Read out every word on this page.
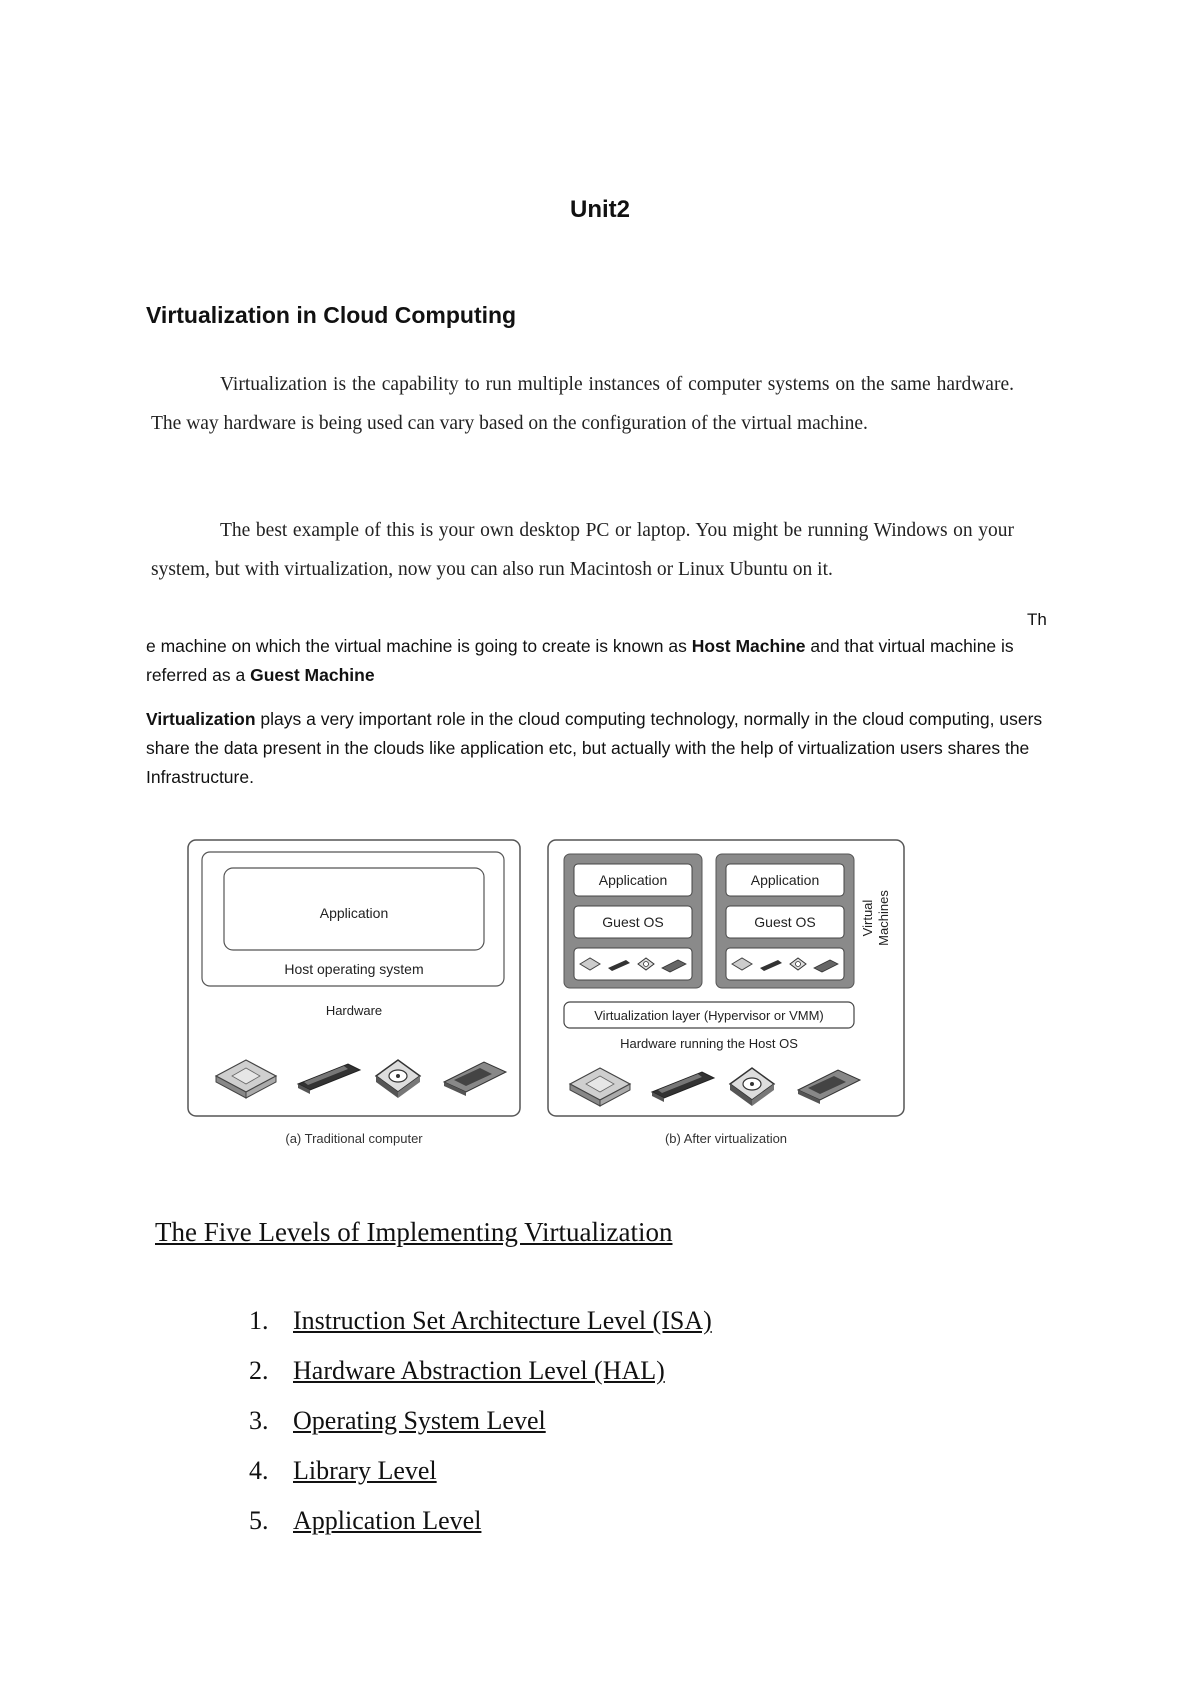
Unit2
Virtualization in Cloud Computing
Virtualization is the capability to run multiple instances of computer systems on the same hardware. The way hardware is being used can vary based on the configuration of the virtual machine.
The best example of this is your own desktop PC or laptop. You might be running Windows on your system, but with virtualization, now you can also run Macintosh or Linux Ubuntu on it.
Th
e machine on which the virtual machine is going to create is known as Host Machine and that virtual machine is referred as a Guest Machine
Virtualization plays a very important role in the cloud computing technology, normally in the cloud computing, users share the data present in the clouds like application etc, but actually with the help of virtualization users shares the Infrastructure.
Application
Host operating system
Hardware
(a) Traditional computer
Application
Guest OS
Application
Guest OS	Virtual Machines
Virtualization layer (Hypervisor or VMM)
Hardware running the Host OS
(b) After virtualization
The Five Levels of Implementing Virtualization
1. Instruction Set Architecture Level (ISA)
2. Hardware Abstraction Level (HAL)
3. Operating System Level
4. Library Level
5. Application Level
